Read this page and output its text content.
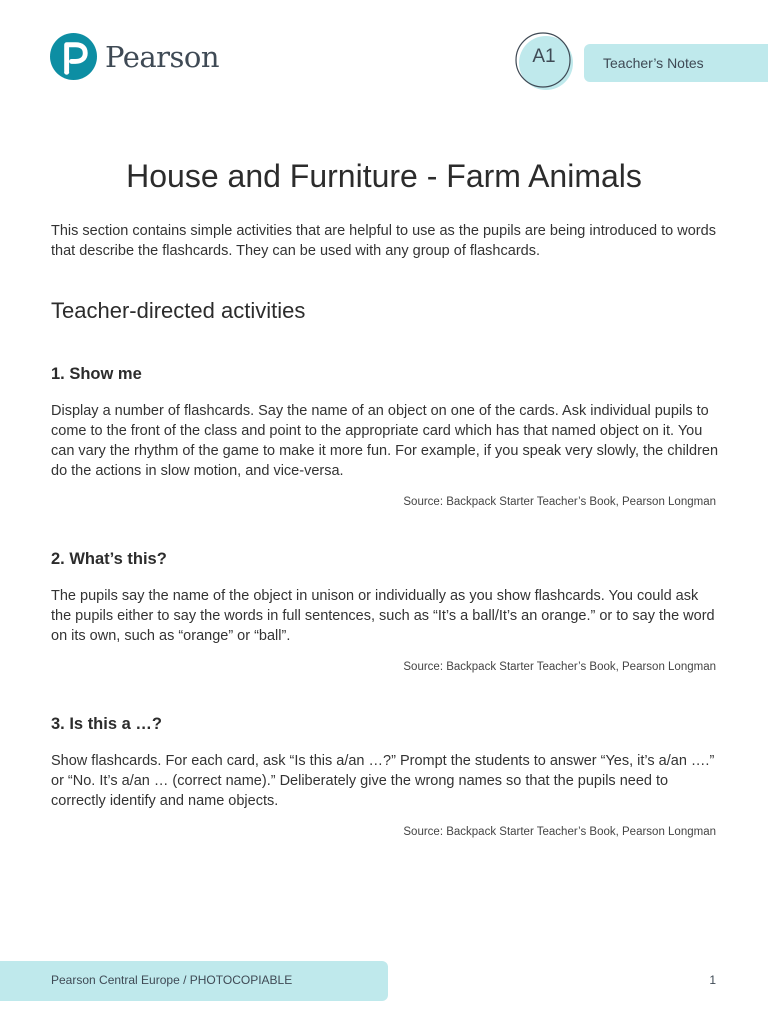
Pearson	A1	Teacher’s Notes
House and Furniture - Farm Animals

This section contains simple activities that are helpful to use as the pupils are being introduced to words that describe the flashcards. They can be used with any group of flashcards.

Teacher-directed activities
1. Show me

Display a number of flashcards. Say the name of an object on one of the cards. Ask individual pupils to come to the front of the class and point to the appropriate card which has that named object on it. You can vary the rhythm of the game to make it more fun. For example, if you speak very slowly, the children do the actions in slow motion, and vice-versa.

Source: Backpack Starter Teacher’s Book, Pearson Longman
2. What’s this?

The pupils say the name of the object in unison or individually as you show flashcards. You could ask the pupils either to say the words in full sentences, such as “It’s a ball/It’s an orange.” or to say the word on its own, such as “orange” or “ball”.

Source: Backpack Starter Teacher’s Book, Pearson Longman
3. Is this a …?

Show flashcards. For each card, ask “Is this a/an …?” Prompt the students to answer “Yes, it’s a/an ….” or “No. It’s a/an … (correct name).” Deliberately give the wrong names so that the pupils need to correctly identify and name objects.

Source: Backpack Starter Teacher’s Book, Pearson Longman
Pearson Central Europe / PHOTOCOPIABLE	1
